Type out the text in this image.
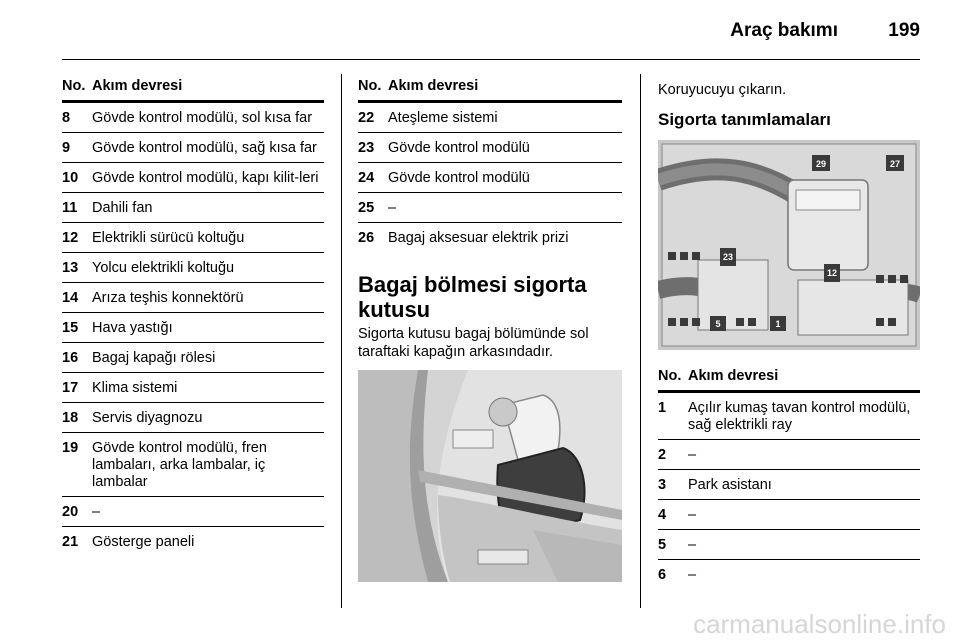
Araç bakımı	199
No. Akım devresi
8	Gövde kontrol modülü, sol kısa far
9	Gövde kontrol modülü, sağ kısa far
10 Gövde kontrol modülü, kapı kilit-leri
11	Dahili fan
12 Elektrikli sürücü koltuğu
13 Yolcu elektrikli koltuğu
14 Arıza teşhis konnektörü
15 Hava yastığı
16 Bagaj kapağı rölesi
17 Klima sistemi
18 Servis diyagnozu
19 Gövde kontrol modülü, fren lambaları, arka lambalar, iç lambalar
20 –
21 Gösterge paneli
No. Akım devresi
22 Ateşleme sistemi
23 Gövde kontrol modülü
24 Gövde kontrol modülü
25 –
26 Bagaj aksesuar elektrik prizi
Bagaj bölmesi sigorta kutusu
Sigorta kutusu bagaj bölümünde sol taraftaki kapağın arkasındadır.
Koruyucuyu çıkarın.
Sigorta tanımlamaları
29	27
23
12
5	1
No. Akım devresi
1	Açılır kumaş tavan kontrol modülü, sağ elektrikli ray
2	–
3	Park asistanı
4	–
5	–
6	–
carmanualsonline.info
